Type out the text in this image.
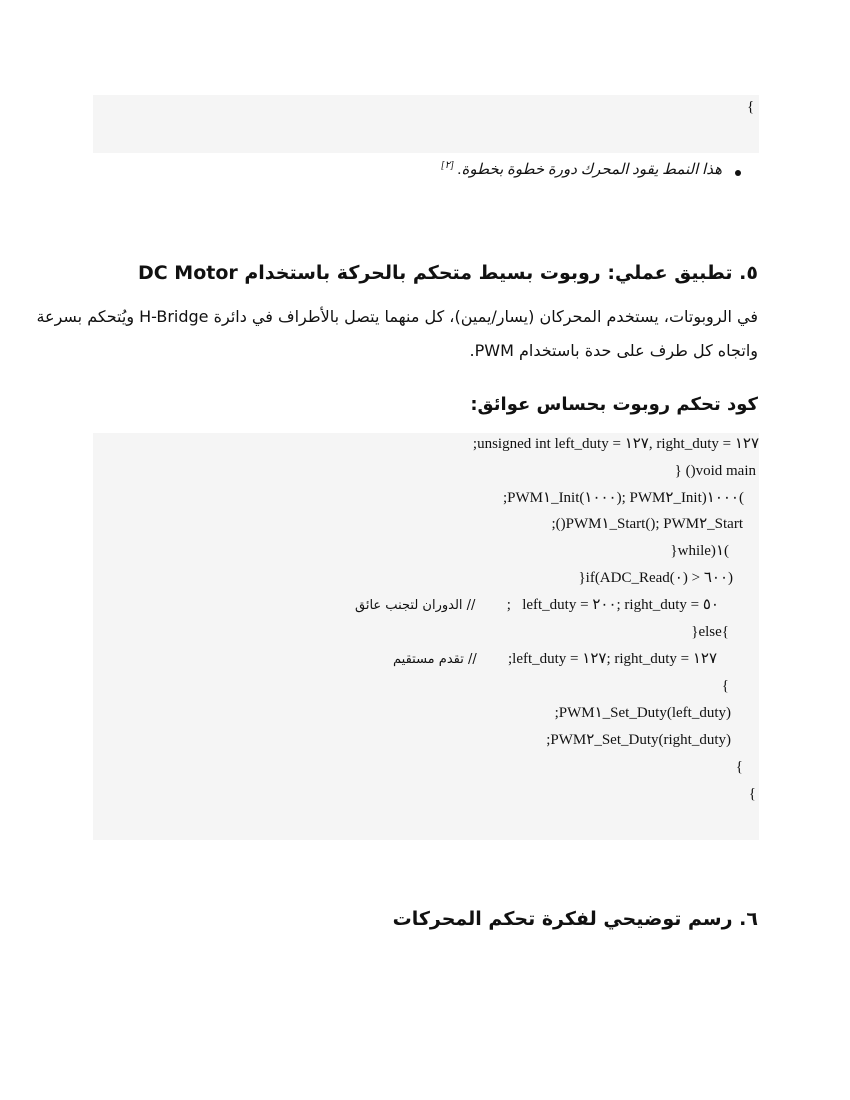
{
هذا النمط يقود المحرك دورة خطوة بخطوة. [٢]
٥. تطبيق عملي: روبوت بسيط متحكم بالحركة باستخدام DC Motor
في الروبوتات، يستخدم المحركان (يسار/يمين)، كل منهما يتصل بالأطراف في دائرة H-Bridge ويُتحكم بسرعة
واتجاه كل طرف على حدة باستخدام PWM.
كود تحكم روبوت بحساس عوائق:
;unsigned int left_duty = ١٢٧, right_duty = ١٢٧
} ()void main
;PWM١_Init(١٠٠٠); PWM٢_Init)١٠٠٠(
;()PWM١_Start(); PWM٢_Start
}while)١(
}if(ADC_Read(٠) > ٦٠٠)
;   left_duty = ٢٠٠; right_duty = ٥٠
// الدوران لتجنب عائق
}else{
;left_duty = ١٢٧; right_duty = ١٢٧
// تقدم مستقيم
{
;PWM١_Set_Duty(left_duty)
;PWM٢_Set_Duty(right_duty)
{
{
٦. رسم توضيحي لفكرة تحكم المحركات
